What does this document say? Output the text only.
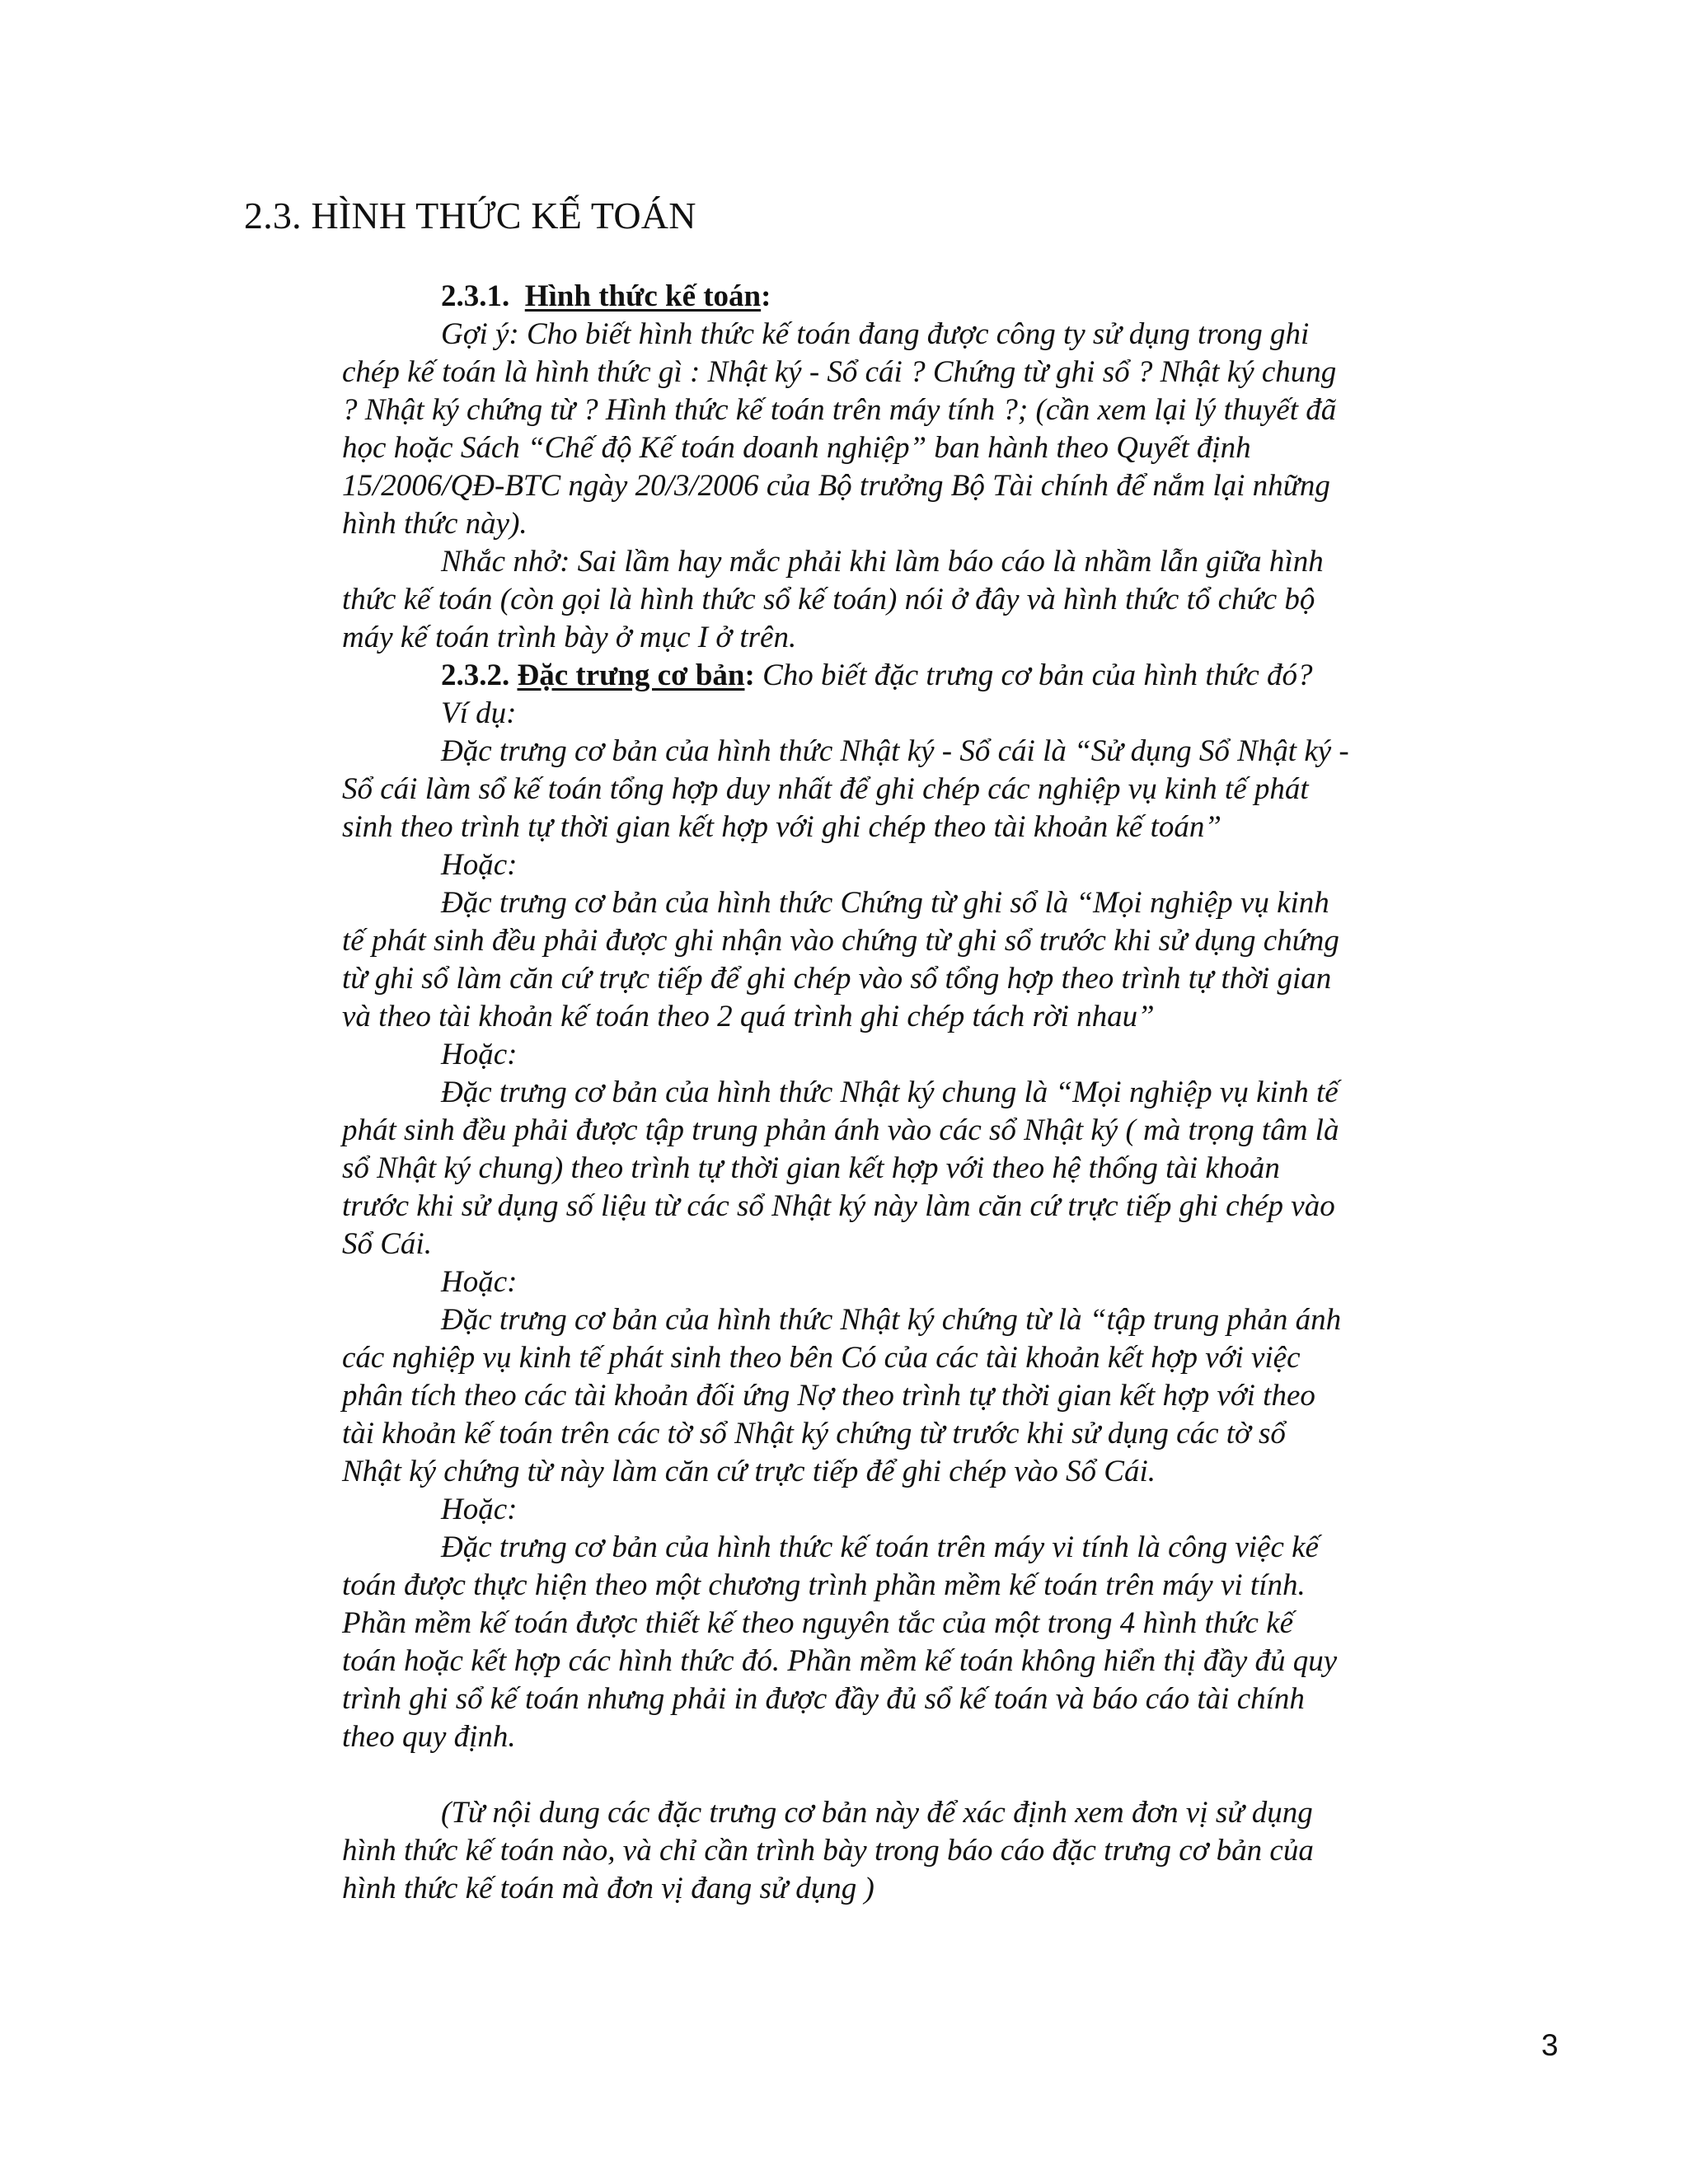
2.3. HÌNH THỨC KẾ TOÁN
2.3.1. Hình thức kế toán:
Gợi ý: Cho biết hình thức kế toán đang được công ty sử dụng trong ghi
chép kế toán là hình thức gì : Nhật ký - Sổ cái ? Chứng từ ghi sổ ? Nhật ký chung
? Nhật ký chứng từ ? Hình thức kế toán trên máy tính ?; (cần xem lại lý thuyết đã
học hoặc Sách “Chế độ Kế toán doanh nghiệp” ban hành theo Quyết định
15/2006/QĐ-BTC ngày 20/3/2006 của Bộ trưởng Bộ Tài chính để nắm lại những
hình thức này).
Nhắc nhở: Sai lầm hay mắc phải khi làm báo cáo là nhầm lẫn giữa hình
thức kế toán (còn gọi là hình thức sổ kế toán) nói ở đây và hình thức tổ chức bộ
máy kế toán trình bày ở mục I ở trên.
2.3.2. Đặc trưng cơ bản: Cho biết đặc trưng cơ bản của hình thức đó?
Ví dụ:
Đặc trưng cơ bản của hình thức Nhật ký - Sổ cái là “Sử dụng Sổ Nhật ký -
Sổ cái làm sổ kế toán tổng hợp duy nhất để ghi chép các nghiệp vụ kinh tế phát
sinh theo trình tự thời gian kết hợp với ghi chép theo tài khoản kế toán”
Hoặc:
Đặc trưng cơ bản của hình thức Chứng từ ghi sổ là “Mọi nghiệp vụ kinh
tế phát sinh đều phải được ghi nhận vào chứng từ ghi sổ trước khi sử dụng chứng
từ ghi sổ làm căn cứ trực tiếp để ghi chép vào sổ tổng hợp theo trình tự thời gian
và theo tài khoản kế toán theo 2 quá trình ghi chép tách rời nhau”
Hoặc:
Đặc trưng cơ bản của hình thức Nhật ký chung là “Mọi nghiệp vụ kinh tế
phát sinh đều phải được tập trung phản ánh vào các sổ Nhật ký ( mà trọng tâm là
sổ Nhật ký chung) theo trình tự thời gian kết hợp với theo hệ thống tài khoản
trước khi sử dụng số liệu từ các sổ Nhật ký này làm căn cứ trực tiếp ghi chép vào
Sổ Cái.
Hoặc:
Đặc trưng cơ bản của hình thức Nhật ký chứng từ là “tập trung phản ánh
các nghiệp vụ kinh tế phát sinh theo bên Có của các tài khoản kết hợp với việc
phân tích theo các tài khoản đối ứng Nợ theo trình tự thời gian kết hợp với theo
tài khoản kế toán trên các tờ sổ Nhật ký chứng từ trước khi sử dụng các tờ sổ
Nhật ký chứng từ này làm căn cứ trực tiếp để ghi chép vào Sổ Cái.
Hoặc:
Đặc trưng cơ bản của hình thức kế toán trên máy vi tính là công việc kế
toán được thực hiện theo một chương trình phần mềm kế toán trên máy vi tính.
Phần mềm kế toán được thiết kế theo nguyên tắc của một trong 4 hình thức kế
toán hoặc kết hợp các hình thức đó. Phần mềm kế toán không hiển thị đầy đủ quy
trình ghi sổ kế toán nhưng phải in được đầy đủ sổ kế toán và báo cáo tài chính
theo quy định.
(Từ nội dung các đặc trưng cơ bản này để xác định xem đơn vị sử dụng
hình thức kế toán nào, và chỉ cần trình bày trong báo cáo đặc trưng cơ bản của
hình thức kế toán mà đơn vị đang sử dụng )
3
